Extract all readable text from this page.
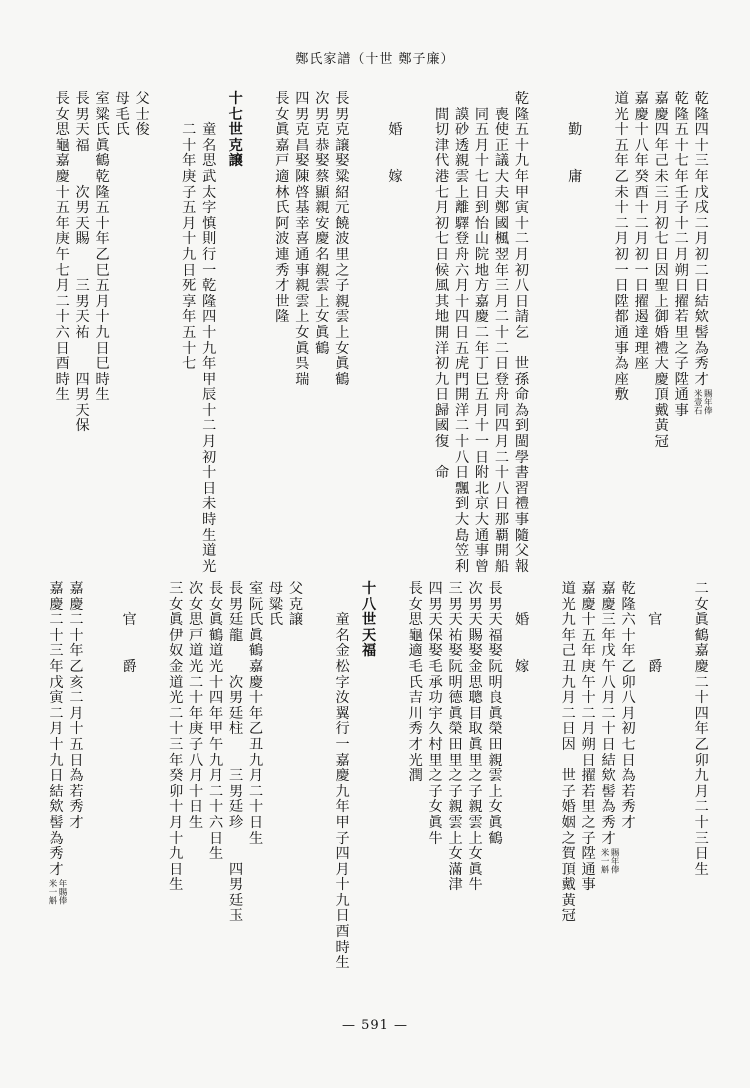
鄭氏家譜（十世 鄭子廉）
乾
隆
四
十
三
年
戊
戌
二
月
初
二
日
結
欸
髻
為
秀
才
賜年俸
米壹石
乾
隆
五
十
七
年
壬
子
十
二
月
朔
日
擢
若
里
之
子
陞
通
事
嘉
慶
四
年
己
未
三
月
初
七
日
因
聖
上
御
婚
禮
大
慶
頂
戴
黃
冠
嘉
慶
十
八
年
癸
酉
十
二
月
初
一
日
擢
遏
達
理
座
道
光
十
五
年
乙
未
十
二
月
初
一
日
陞
都
通
事
為
座
敷

勤

庸

乾
隆
五
十
九
年
甲
寅
十
二
月
初
八
日
請
乞

世
孫
命
為
到
閩
學
書
習
禮
事
隨
父
報

喪
使
正
議
大
夫
鄭
國
楓
翌
年
三
月
二
十
二
日
登
舟
同
四
月
二
十
八
日
那
覇
開
船

同
五
月
十
七
日
到
怡
山
院
地
方
嘉
慶
二
年
丁
巳
五
月
十
一
日
附
北
京
大
通
事
曾

謨
砂
透
親
雲
上
離
驛
登
舟
六
月
十
四
日
五
虎
門
開
洋
二
十
八
日
飄
到
大
島
笠
利

間
切
津
代
港
七
月
初
七
日
候
風
其
地
開
洋
初
九
日
歸
國
復

命

婚

嫁

長
男
克
譲
娶
粱
紹
元
饒
波
里
之
子
親
雲
上
女
眞
鶴
次
男
克
恭
娶
蔡
顯
親
安
慶
名
親
雲
上
女
眞
鶴
四
男
克
昌
娶
陳
啓
基
幸
喜
通
事
親
雲
上
女
眞
呉
瑞
長
女
眞
嘉
戸
適
林
氏
阿
波
連
秀
才
世
隆

十
七
世
克
譲

童
名
思
武
太
字
慎
則
行
一
乾
隆
四
十
九
年
甲
辰
十
二
月
初
十
日
未
時
生
道
光

二
十
年
庚
子
五
月
十
九
日
死
享
年
五
十
七

父
士
俊
母
毛
氏
室
粱
氏
眞
鶴
乾
隆
五
十
年
乙
巳
五
月
十
九
日
巳
時
生
長
男
天
福

次
男
天
賜

三
男
天
祐

四
男
天
保
長
女
思
龜
嘉
慶
十
五
年
庚
午
七
月
二
十
六
日
酉
時
生
二
女
眞
鶴
嘉
慶
二
十
四
年
乙
卯
九
月
二
十
三
日
生

官

爵
乾
隆
六
十
年
乙
卯
八
月
初
七
日
為
若
秀
才
嘉
慶
三
年
戊
午
八
月
二
十
日
結
欸
髻
為
秀
才
賜年俸
米一斛
嘉
慶
十
五
年
庚
午
十
二
月
朔
日
擢
若
里
之
子
陞
通
事
道
光
九
年
己
丑
九
月
二
日
因

世
子
婚
姻
之
賀
頂
戴
黃
冠

婚

嫁
長
男
天
福
娶
阮
明
良
眞
榮
田
親
雲
上
女
眞
鶴
次
男
天
賜
娶
金
思
聰
目
取
眞
里
之
子
親
雲
上
女
眞
牛
三
男
天
祐
娶
阮
明
德
眞
榮
田
里
之
子
親
雲
上
女
滿
津
四
男
天
保
娶
毛
承
功
宇
久
村
里
之
子
女
眞
牛
長
女
思
龜
適
毛
氏
吉
川
秀
才
光
潤

十
八
世
天
福

童
名
金
松
字
汝
翼
行
一
嘉
慶
九
年
甲
子
四
月
十
九
日
酉
時
生

父
克
譲
母
粱
氏
室
阮
氏
眞
鶴
嘉
慶
十
年
乙
丑
九
月
二
十
日
生
長
男
廷
龍

次
男
廷
柱

三
男
廷
珍

四
男
廷
玉
長
女
眞
鶴
道
光
十
四
年
甲
午
九
月
二
十
六
日
生
次
女
思
戸
道
光
二
十
年
庚
子
八
月
十
日
生
三
女
眞
伊
奴
金
道
光
二
十
三
年
癸
卯
十
月
十
九
日
生

官

爵

嘉
慶
二
十
年
乙
亥
二
月
十
五
日
為
若
秀
才
嘉
慶
二
十
三
年
戊
寅
二
月
十
九
日
結
欸
髻
為
秀
才
年賜俸
米一斛
— 591 —
